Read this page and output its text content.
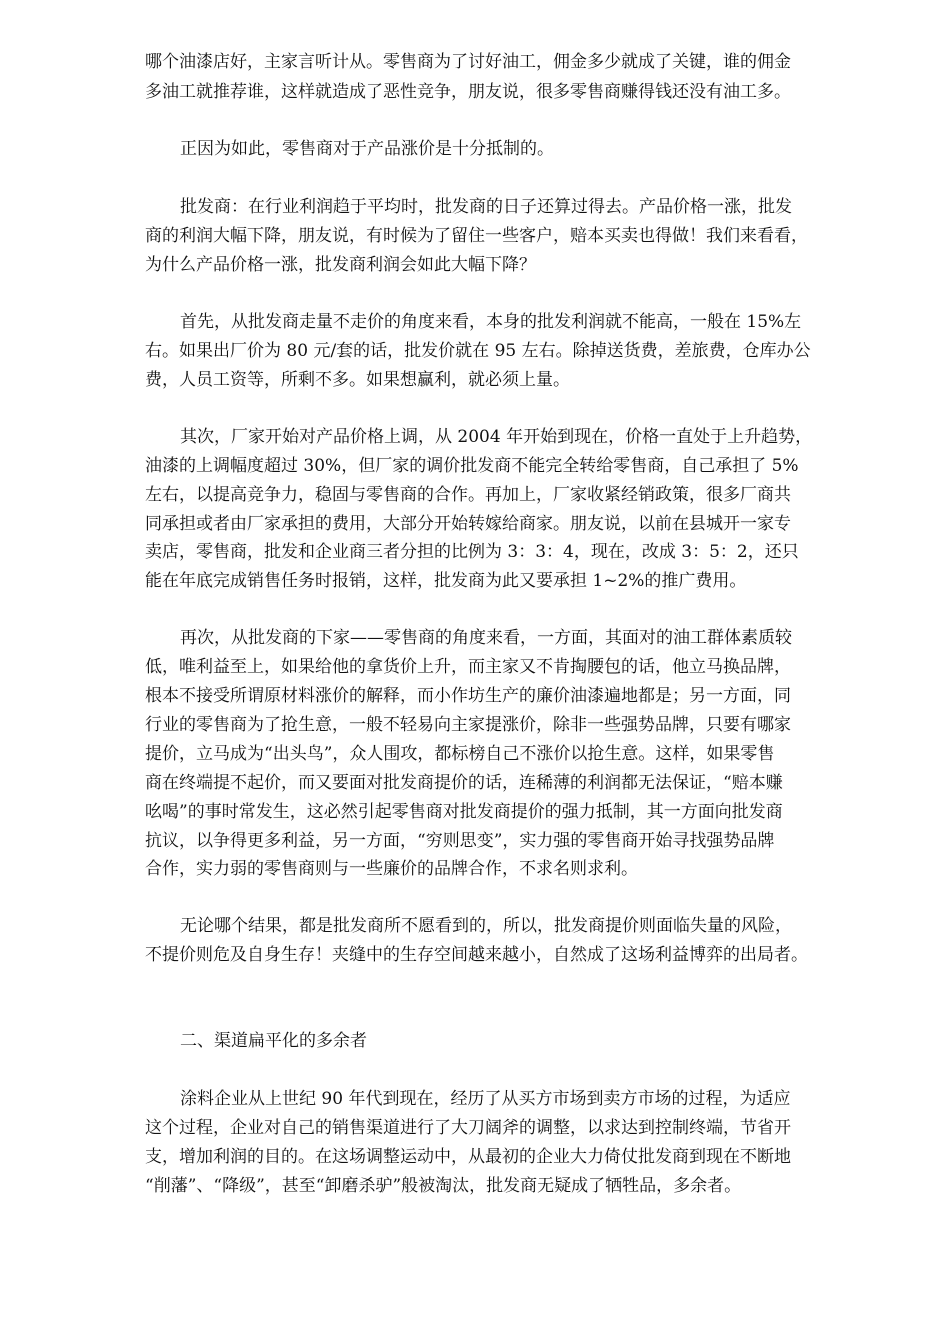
哪个油漆店好，主家言听计从。零售商为了讨好油工，佣金多少就成了关键，谁的佣金
多油工就推荐谁，这样就造成了恶性竞争，朋友说，很多零售商赚得钱还没有油工多。
正因为如此，零售商对于产品涨价是十分抵制的。
批发商：在行业利润趋于平均时，批发商的日子还算过得去。产品价格一涨，批发
商的利润大幅下降，朋友说，有时候为了留住一些客户，赔本买卖也得做！我们来看看，
为什么产品价格一涨，批发商利润会如此大幅下降？
首先，从批发商走量不走价的角度来看，本身的批发利润就不能高，一般在 15%左
右。如果出厂价为 80 元/套的话，批发价就在 95 左右。除掉送货费，差旅费，仓库办公
费，人员工资等，所剩不多。如果想赢利，就必须上量。
其次，厂家开始对产品价格上调，从 2004 年开始到现在，价格一直处于上升趋势，
油漆的上调幅度超过 30%，但厂家的调价批发商不能完全转给零售商，自己承担了 5%
左右，以提高竞争力，稳固与零售商的合作。再加上，厂家收紧经销政策，很多厂商共
同承担或者由厂家承担的费用，大部分开始转嫁给商家。朋友说，以前在县城开一家专
卖店，零售商，批发和企业商三者分担的比例为 3：3：4，现在，改成 3：5：2，还只
能在年底完成销售任务时报销，这样，批发商为此又要承担 1~2%的推广费用。
再次，从批发商的下家——零售商的角度来看，一方面，其面对的油工群体素质较
低，唯利益至上，如果给他的拿货价上升，而主家又不肯掏腰包的话，他立马换品牌，
根本不接受所谓原材料涨价的解释，而小作坊生产的廉价油漆遍地都是；另一方面，同
行业的零售商为了抢生意，一般不轻易向主家提涨价，除非一些强势品牌，只要有哪家
提价，立马成为“出头鸟”，众人围攻，都标榜自己不涨价以抢生意。这样，如果零售
商在终端提不起价，而又要面对批发商提价的话，连稀薄的利润都无法保证，“赔本赚
吆喝”的事时常发生，这必然引起零售商对批发商提价的强力抵制，其一方面向批发商
抗议，以争得更多利益，另一方面，“穷则思变”，实力强的零售商开始寻找强势品牌
合作，实力弱的零售商则与一些廉价的品牌合作，不求名则求利。
无论哪个结果，都是批发商所不愿看到的，所以，批发商提价则面临失量的风险，
不提价则危及自身生存！夹缝中的生存空间越来越小，自然成了这场利益博弈的出局者。
二、渠道扁平化的多余者
涂料企业从上世纪 90 年代到现在，经历了从买方市场到卖方市场的过程，为适应
这个过程，企业对自己的销售渠道进行了大刀阔斧的调整，以求达到控制终端，节省开
支，增加利润的目的。在这场调整运动中，从最初的企业大力倚仗批发商到现在不断地
“削藩”、“降级”，甚至“卸磨杀驴”般被淘汰，批发商无疑成了牺牲品，多余者。
